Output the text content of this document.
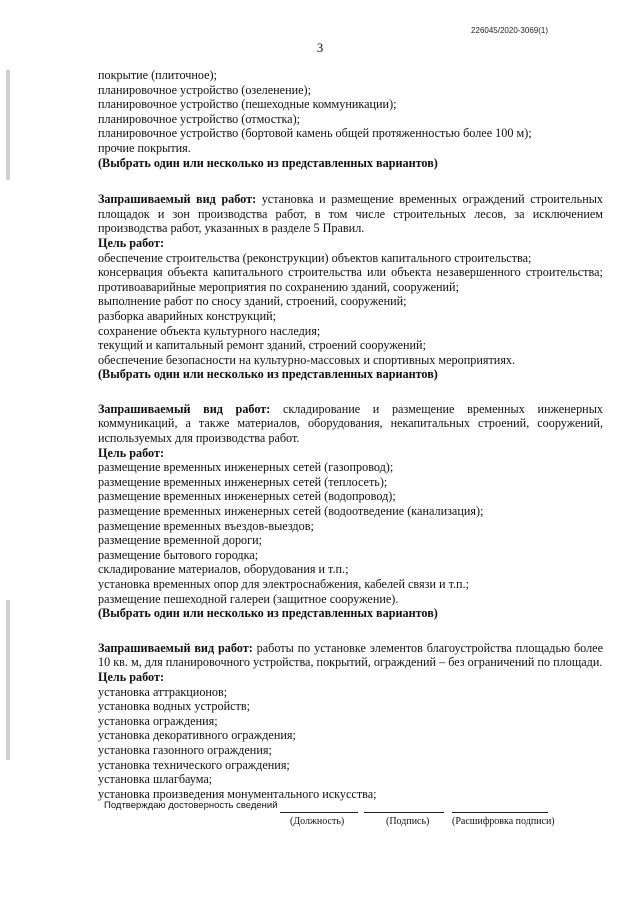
226045/2020-3069(1)
3
покрытие (плиточное);
планировочное устройство (озеленение);
планировочное устройство (пешеходные коммуникации);
планировочное устройство (отмостка);
планировочное устройство (бортовой камень общей протяженностью более 100 м);
прочие покрытия.
(Выбрать один или несколько из представленных вариантов)
Запрашиваемый вид работ: установка и размещение временных ограждений строительных площадок и зон производства работ, в том числе строительных лесов, за исключением производства работ, указанных в разделе 5 Правил.
Цель работ:
обеспечение строительства (реконструкции) объектов капитального строительства;
консервация объекта капитального строительства или объекта незавершенного строительства;
противоаварийные мероприятия по сохранению зданий, сооружений;
выполнение работ по сносу зданий, строений, сооружений;
разборка аварийных конструкций;
сохранение объекта культурного наследия;
текущий и капитальный ремонт зданий, строений сооружений;
обеспечение безопасности на культурно-массовых и спортивных мероприятиях.
(Выбрать один или несколько из представленных вариантов)
Запрашиваемый вид работ: складирование и размещение временных инженерных коммуникаций, а также материалов, оборудования, некапитальных строений, сооружений, используемых для производства работ.
Цель работ:
размещение временных инженерных сетей (газопровод);
размещение временных инженерных сетей (теплосеть);
размещение временных инженерных сетей (водопровод);
размещение временных инженерных сетей (водоотведение (канализация);
размещение временных въездов-выездов;
размещение временной дороги;
размещение бытового городка;
складирование материалов, оборудования и т.п.;
установка временных опор для электроснабжения, кабелей связи и т.п.;
размещение пешеходной галереи (защитное сооружение).
(Выбрать один или несколько из представленных вариантов)
Запрашиваемый вид работ: работы по установке элементов благоустройства площадью более 10 кв. м, для планировочного устройства, покрытий, ограждений – без ограничений по площади.
Цель работ:
установка аттракционов;
установка водных устройств;
установка ограждения;
установка декоративного ограждения;
установка газонного ограждения;
установка технического ограждения;
установка шлагбаума;
установка произведения монументального искусства;
Подтверждаю достоверность сведений
(Должность)	(Подпись) (Расшифровка подписи)
